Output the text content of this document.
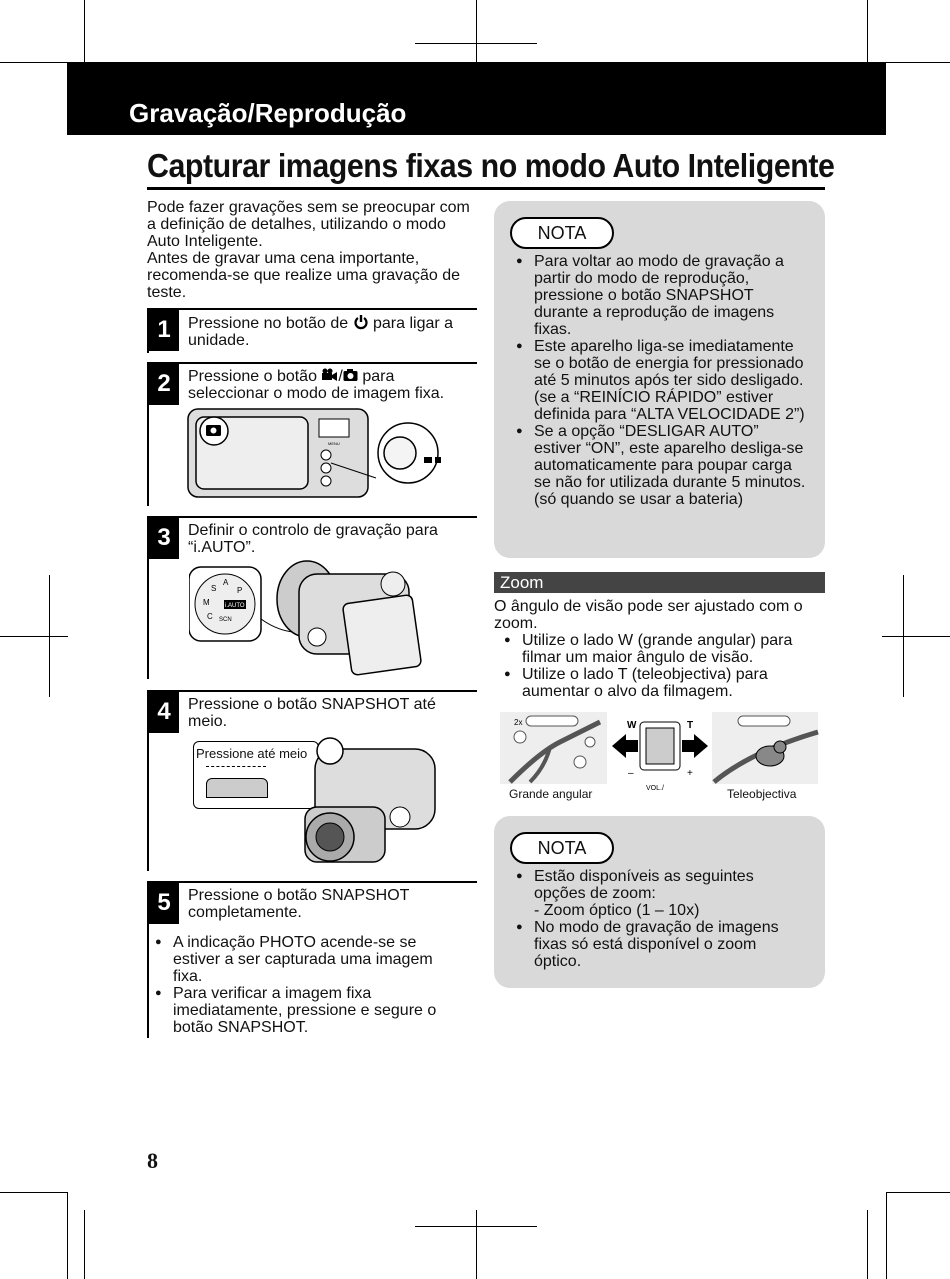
Gravação/Reprodução
Capturar imagens fixas no modo Auto Inteligente
Pode fazer gravações sem se preocupar com a definição de detalhes, utilizando o modo Auto Inteligente.
Antes de gravar uma cena importante, recomenda-se que realize uma gravação de teste.
1	Pressione no botão de  para ligar a unidade.
2	Pressione o botão / para seleccionar o modo de imagem fixa.
MENU
3	Definir o controlo de gravação para “i.AUTO”.
A
P
S
M	i.AUTO
SCN
C
4	Pressione o botão SNAPSHOT até meio.
Pressione até meio
5	Pressione o botão SNAPSHOT completamente.
● A indicação PHOTO acende-se se estiver a ser capturada uma imagem fixa.
● Para verificar a imagem fixa imediatamente, pressione e segure o botão SNAPSHOT.
NOTA
● Para voltar ao modo de gravação a partir do modo de reprodução, pressione o botão SNAPSHOT durante a reprodução de imagens fixas.
● Este aparelho liga-se imediatamente se o botão de energia for pressionado até 5 minutos após ter sido desligado. (se a “REINÍCIO RÁPIDO” estiver definida para “ALTA VELOCIDADE 2”)
● Se a opção “DESLIGAR AUTO” estiver “ON”, este aparelho desliga-se automaticamente para poupar carga se não for utilizada durante 5 minutos. (só quando se usar a bateria)
Zoom
O ângulo de visão pode ser ajustado com o zoom.
● Utilize o lado W (grande angular) para filmar um maior ângulo de visão.
● Utilize o lado T (teleobjectiva) para aumentar o alvo da filmagem.
2x	W	T
–	+
VOL./
Grande angular	Teleobjectiva
NOTA
● Estão disponíveis as seguintes opções de zoom:
- Zoom óptico (1 – 10x)
● No modo de gravação de imagens fixas só está disponível o zoom óptico.
8
